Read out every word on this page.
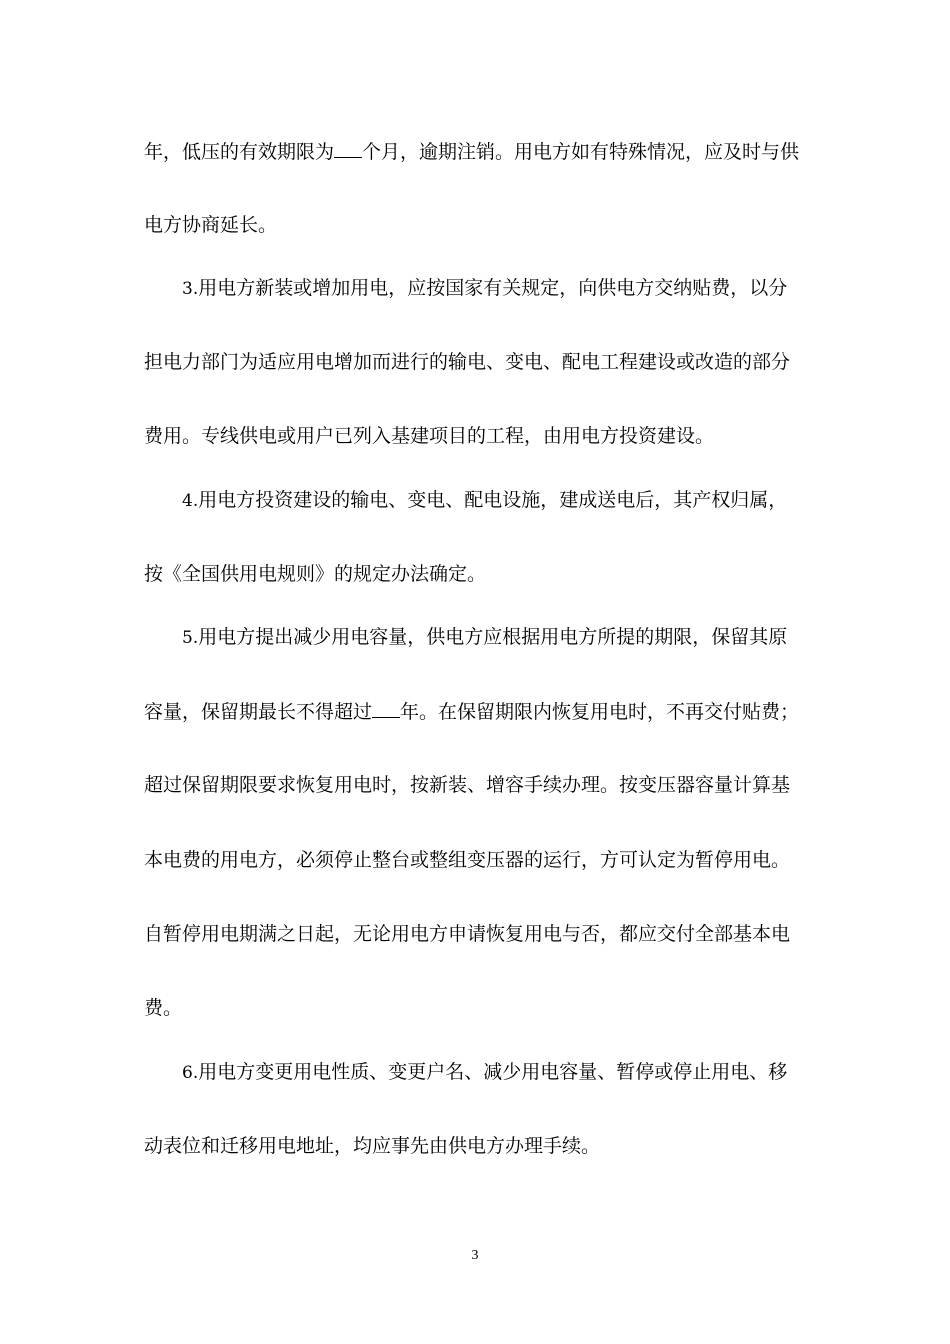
年，低压的有效期限为 个月，逾期注销。用电方如有特殊情况，应及时与供

电方协商延长。

3.用电方新装或增加用电，应按国家有关规定，向供电方交纳贴费，以分

担电力部门为适应用电增加而进行的输电、变电、配电工程建设或改造的部分

费用。专线供电或用户已列入基建项目的工程，由用电方投资建设。

4.用电方投资建设的输电、变电、配电设施，建成送电后，其产权归属，

按《全国供用电规则》的规定办法确定。

5.用电方提出减少用电容量，供电方应根据用电方所提的期限，保留其原

容量，保留期最长不得超过 年。在保留期限内恢复用电时，不再交付贴费；

超过保留期限要求恢复用电时，按新装、增容手续办理。按变压器容量计算基

本电费的用电方，必须停止整台或整组变压器的运行，方可认定为暂停用电。

自暂停用电期满之日起，无论用电方申请恢复用电与否，都应交付全部基本电

费。

6.用电方变更用电性质、变更户名、减少用电容量、暂停或停止用电、移

动表位和迁移用电地址，均应事先由供电方办理手续。

3
